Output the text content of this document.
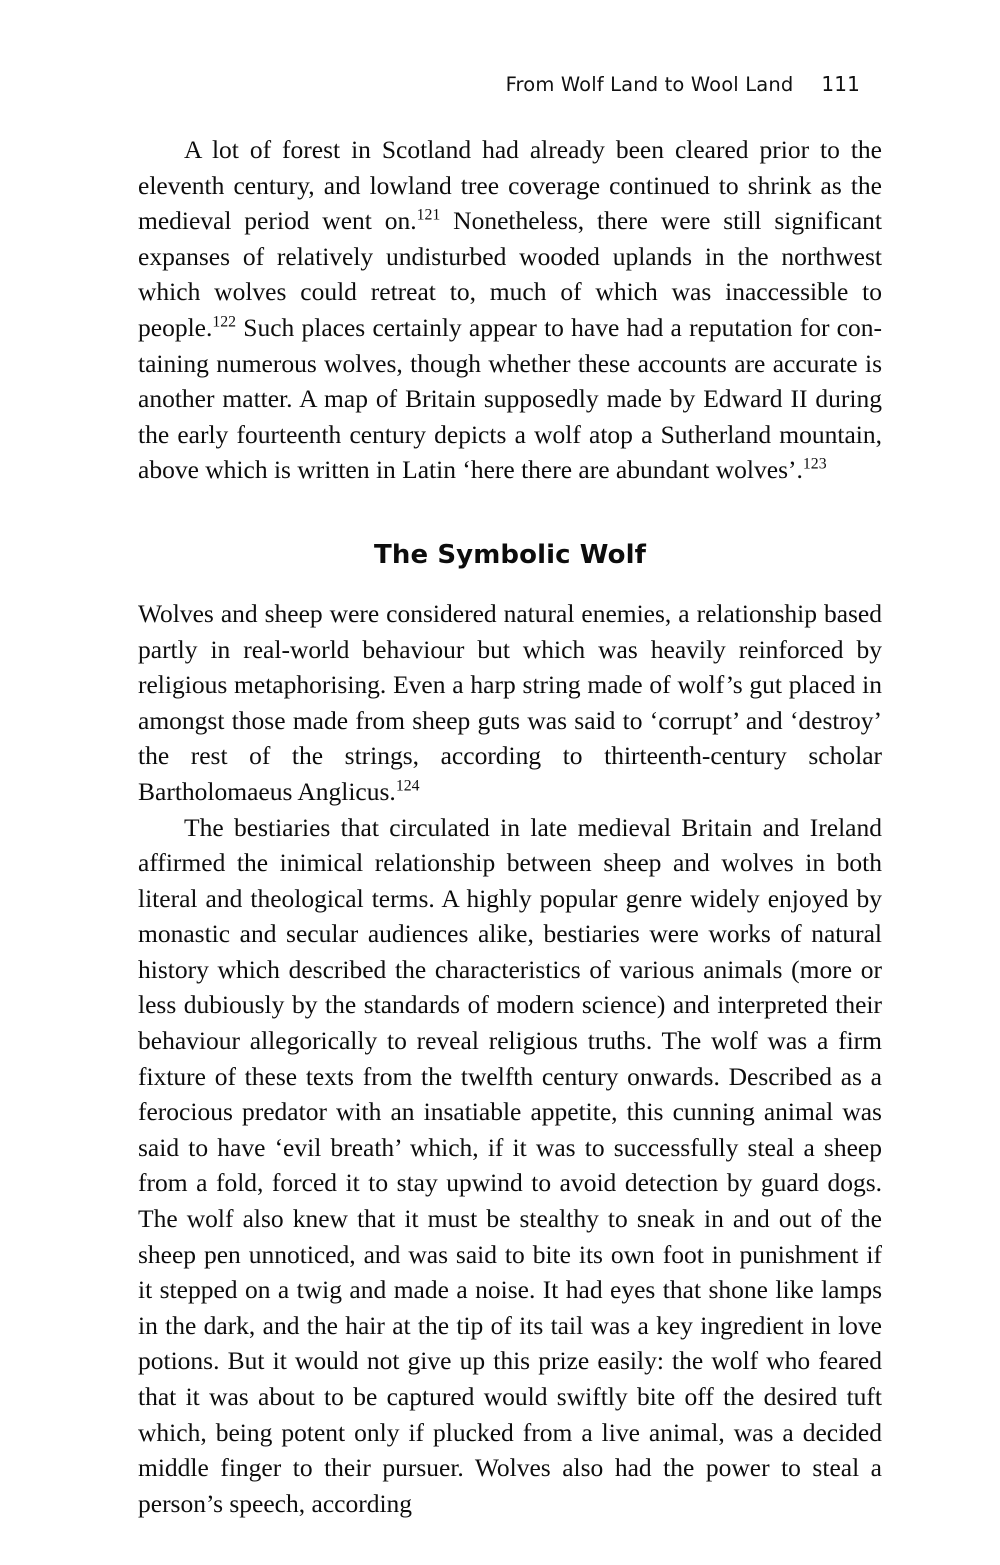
From Wolf Land to Wool Land 111

A lot of forest in Scotland had already been cleared prior to the eleventh century, and lowland tree coverage continued to shrink as the medieval period went on.$^{121}$ Nonetheless, there were still significant expanses of relatively undisturbed wooded uplands in the northwest which wolves could retreat to, much of which was inaccessible to people.$^{122}$ Such places certainly appear to have had a reputation for containing numerous wolves, though whether these accounts are accurate is another matter. A map of Britain supposedly made by Edward II during the early fourteenth century depicts a wolf atop a Sutherland mountain, above which is written in Latin ‘here there are abundant wolves’.$^{123}$

The Symbolic Wolf

Wolves and sheep were considered natural enemies, a relationship based partly in real-world behaviour but which was heavily reinforced by religious metaphorising. Even a harp string made of wolf’s gut placed in amongst those made from sheep guts was said to ‘corrupt’ and ‘destroy’ the rest of the strings, according to thirteenth-century scholar Bartholomaeus Anglicus.$^{124}$

The bestiaries that circulated in late medieval Britain and Ireland affirmed the inimical relationship between sheep and wolves in both literal and theological terms. A highly popular genre widely enjoyed by monastic and secular audiences alike, bestiaries were works of natural history which described the characteristics of various animals (more or less dubiously by the standards of modern science) and interpreted their behaviour allegorically to reveal religious truths. The wolf was a firm fixture of these texts from the twelfth century onwards. Described as a ferocious predator with an insatiable appetite, this cunning animal was said to have ‘evil breath’ which, if it was to successfully steal a sheep from a fold, forced it to stay upwind to avoid detection by guard dogs. The wolf also knew that it must be stealthy to sneak in and out of the sheep pen unnoticed, and was said to bite its own foot in punishment if it stepped on a twig and made a noise. It had eyes that shone like lamps in the dark, and the hair at the tip of its tail was a key ingredient in love potions. But it would not give up this prize easily: the wolf who feared that it was about to be captured would swiftly bite off the desired tuft which, being potent only if plucked from a live animal, was a decided middle finger to their pursuer. Wolves also had the power to steal a person’s speech, according
